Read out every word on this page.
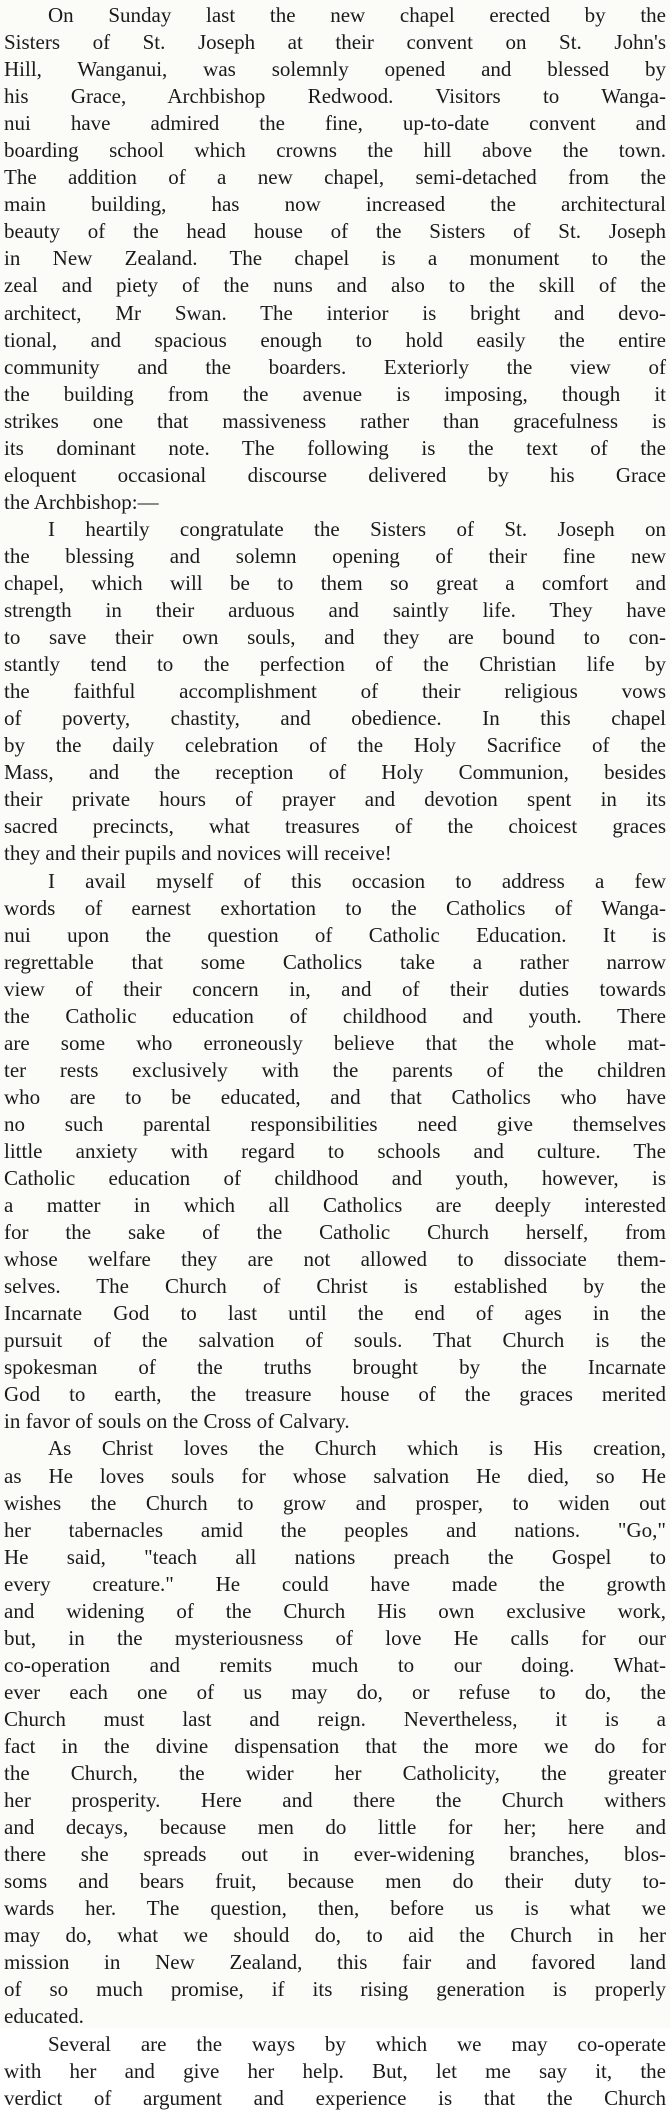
On Sunday last the new chapel erected by the
Sisters of St. Joseph at their convent on St. John's
Hill, Wanganui, was solemnly opened and blessed by
his Grace, Archbishop Redwood. Visitors to Wanga-
nui have admired the fine, up-to-date convent and
boarding school which crowns the hill above the town.
The addition of a new chapel, semi-detached from the
main building, has now increased the architectural
beauty of the head house of the Sisters of St. Joseph
in New Zealand. The chapel is a monument to the
zeal and piety of the nuns and also to the skill of the
architect, Mr Swan. The interior is bright and devo-
tional, and spacious enough to hold easily the entire
community and the boarders. Exteriorly the view of
the building from the avenue is imposing, though it
strikes one that massiveness rather than gracefulness is
its dominant note. The following is the text of the
eloquent occasional discourse delivered by his Grace
the Archbishop:—
I heartily congratulate the Sisters of St. Joseph on
the blessing and solemn opening of their fine new
chapel, which will be to them so great a comfort and
strength in their arduous and saintly life. They have
to save their own souls, and they are bound to con-
stantly tend to the perfection of the Christian life by
the faithful accomplishment of their religious vows
of poverty, chastity, and obedience. In this chapel
by the daily celebration of the Holy Sacrifice of the
Mass, and the reception of Holy Communion, besides
their private hours of prayer and devotion spent in its
sacred precincts, what treasures of the choicest graces
they and their pupils and novices will receive!
I avail myself of this occasion to address a few
words of earnest exhortation to the Catholics of Wanga-
nui upon the question of Catholic Education. It is
regrettable that some Catholics take a rather narrow
view of their concern in, and of their duties towards
the Catholic education of childhood and youth. There
are some who erroneously believe that the whole mat-
ter rests exclusively with the parents of the children
who are to be educated, and that Catholics who have
no such parental responsibilities need give themselves
little anxiety with regard to schools and culture. The
Catholic education of childhood and youth, however, is
a matter in which all Catholics are deeply interested
for the sake of the Catholic Church herself, from
whose welfare they are not allowed to dissociate them-
selves. The Church of Christ is established by the
Incarnate God to last until the end of ages in the
pursuit of the salvation of souls. That Church is the
spokesman of the truths brought by the Incarnate
God to earth, the treasure house of the graces merited
in favor of souls on the Cross of Calvary.
As Christ loves the Church which is His creation,
as He loves souls for whose salvation He died, so He
wishes the Church to grow and prosper, to widen out
her tabernacles amid the peoples and nations. "Go,"
He said, "teach all nations preach the Gospel to
every creature." He could have made the growth
and widening of the Church His own exclusive work,
but, in the mysteriousness of love He calls for our
co-operation and remits much to our doing. What-
ever each one of us may do, or refuse to do, the
Church must last and reign. Nevertheless, it is a
fact in the divine dispensation that the more we do for
the Church, the wider her Catholicity, the greater
her prosperity. Here and there the Church withers
and decays, because men do little for her; here and
there she spreads out in ever-widening branches, blos-
soms and bears fruit, because men do their duty to-
wards her. The question, then, before us is what we
may do, what we should do, to aid the Church in her
mission in New Zealand, this fair and favored land
of so much promise, if its rising generation is properly
educated.
Several are the ways by which we may co-operate
with her and give her help. But, let me say it, the
verdict of argument and experience is that the Church
